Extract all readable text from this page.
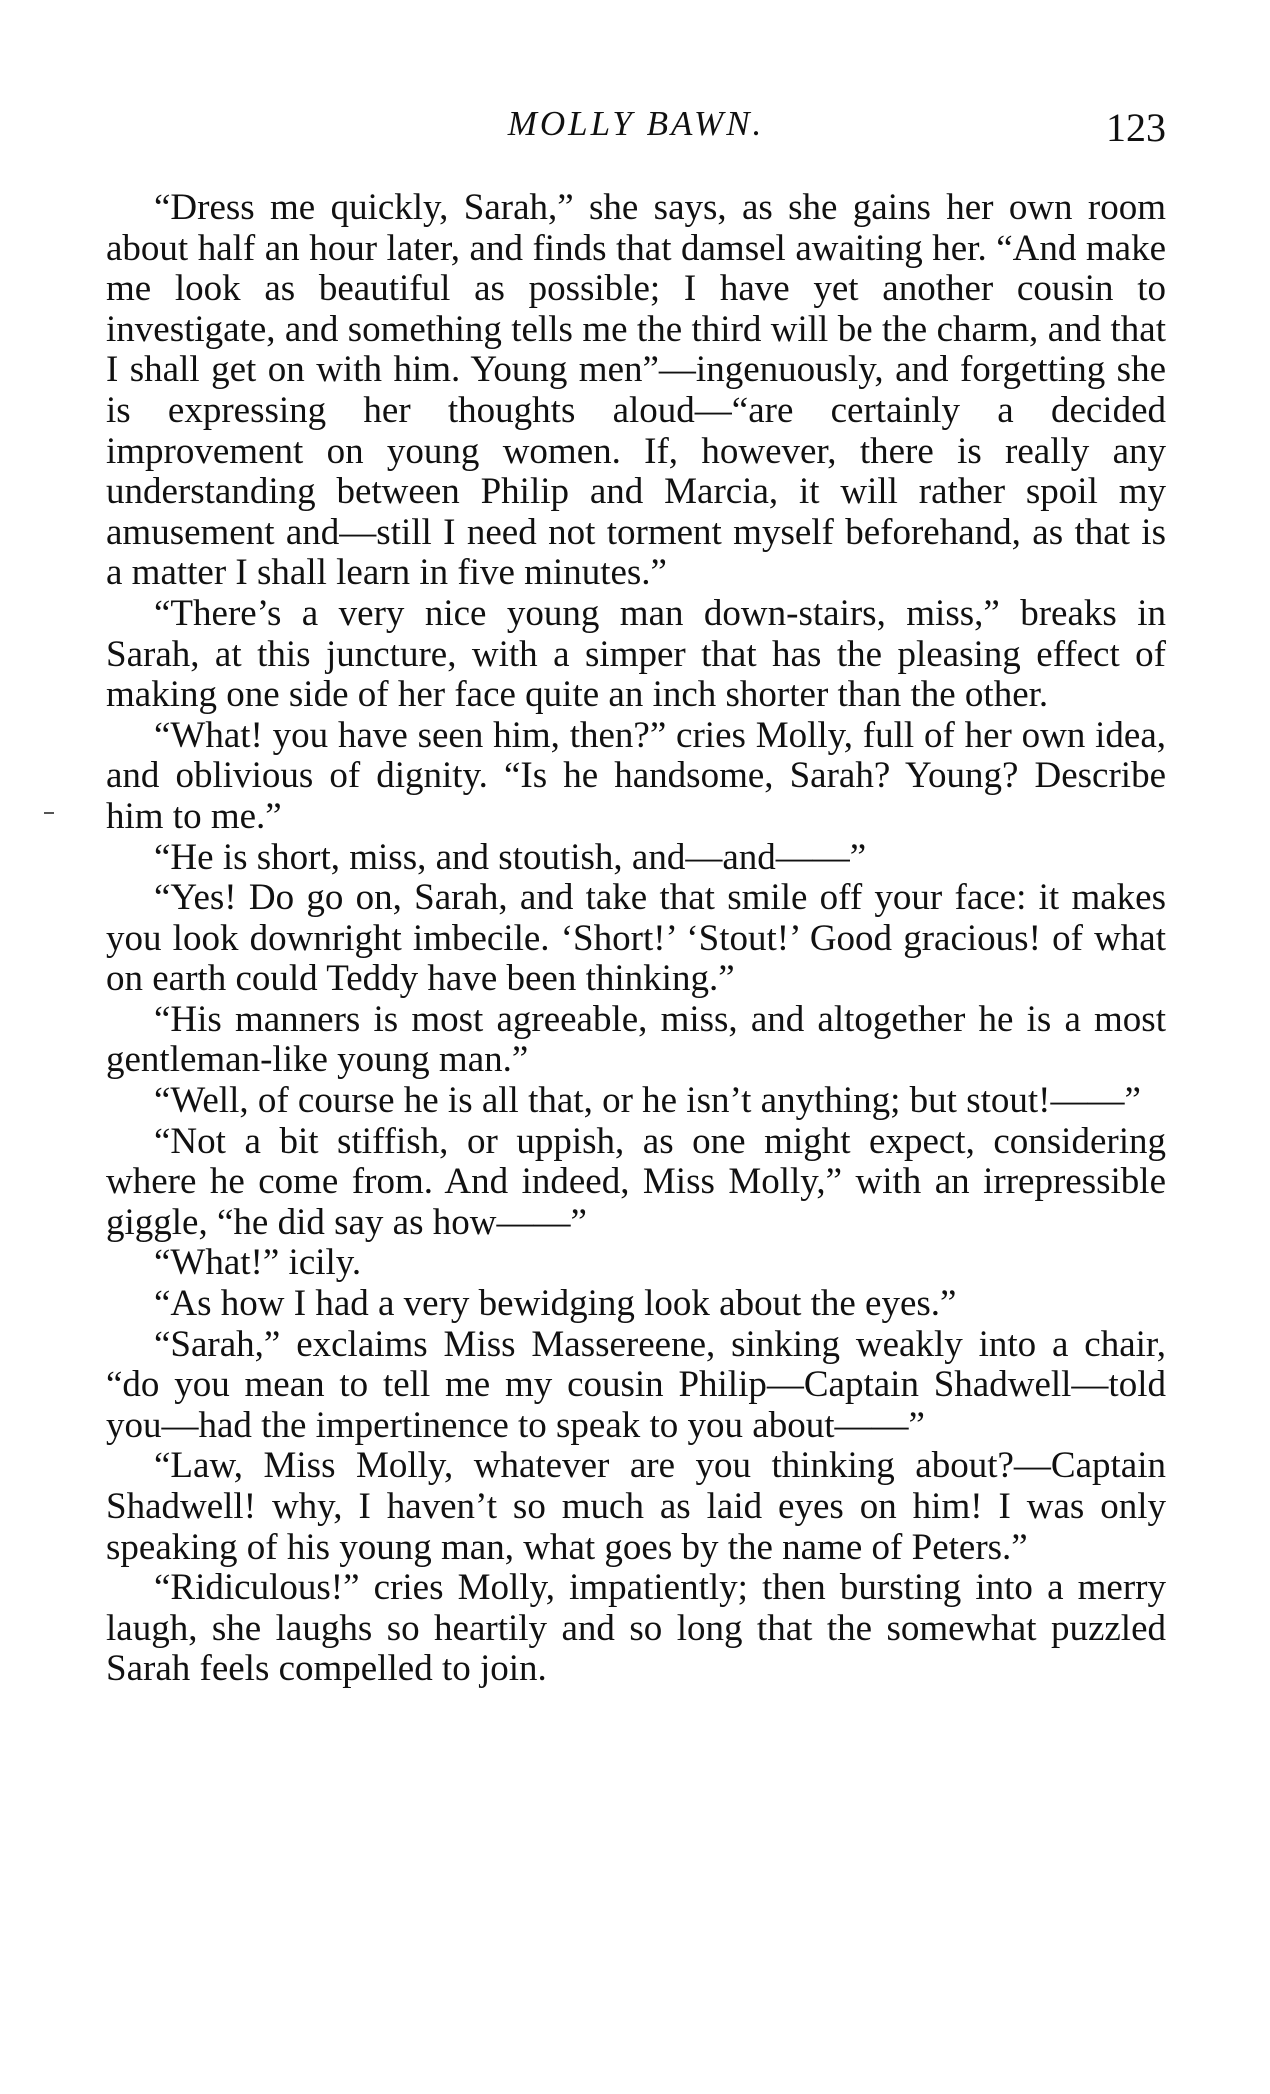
MOLLY BAWN.	123

“Dress me quickly, Sarah,” she says, as she gains her own room about half an hour later, and finds that damsel awaiting her. “And make me look as beautiful as possible; I have yet another cousin to investigate, and something tells me the third will be the charm, and that I shall get on with him. Young men”—ingenuously, and forgetting she is expressing her thoughts aloud—“are certainly a decided improvement on young women. If, however, there is really any understanding between Philip and Marcia, it will rather spoil my amusement and—still I need not torment myself beforehand, as that is a matter I shall learn in five minutes.”

“There’s a very nice young man down-stairs, miss,” breaks in Sarah, at this juncture, with a simper that has the pleasing effect of making one side of her face quite an inch shorter than the other.

“What! you have seen him, then?” cries Molly, full of her own idea, and oblivious of dignity. “Is he handsome, Sarah? Young? Describe him to me.”

“He is short, miss, and stoutish, and—and——”

“Yes! Do go on, Sarah, and take that smile off your face: it makes you look downright imbecile. ‘Short!’ ‘Stout!’ Good gracious! of what on earth could Teddy have been thinking.”

“His manners is most agreeable, miss, and altogether he is a most gentleman-like young man.”

“Well, of course he is all that, or he isn’t anything; but stout!——”

“Not a bit stiffish, or uppish, as one might expect, considering where he come from. And indeed, Miss Molly,” with an irrepressible giggle, “he did say as how——”

“What!” icily.

“As how I had a very bewidging look about the eyes.”

“Sarah,” exclaims Miss Massereene, sinking weakly into a chair, “do you mean to tell me my cousin Philip—Captain Shadwell—told you—had the impertinence to speak to you about——”

“Law, Miss Molly, whatever are you thinking about?—Captain Shadwell! why, I haven’t so much as laid eyes on him! I was only speaking of his young man, what goes by the name of Peters.”

“Ridiculous!” cries Molly, impatiently; then bursting into a merry laugh, she laughs so heartily and so long that the somewhat puzzled Sarah feels compelled to join.
